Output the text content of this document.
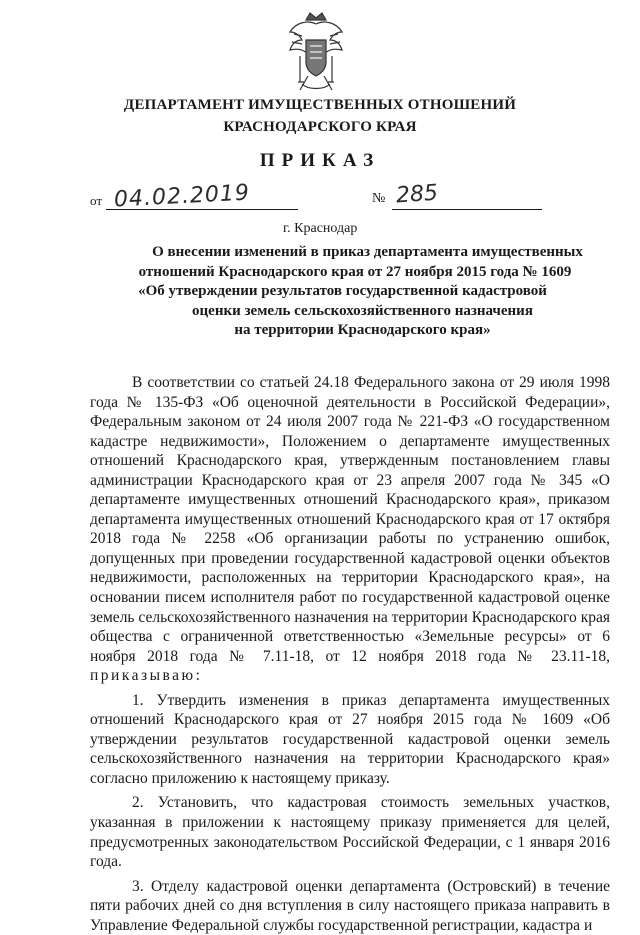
ДЕПАРТАМЕНТ ИМУЩЕСТВЕННЫХ ОТНОШЕНИЙ
КРАСНОДАРСКОГО КРАЯ
ПРИКАЗ
от 04.02.2019	№ 285
г. Краснодар
О внесении изменений в приказ департамента имущественных
отношений Краснодарского края от 27 ноября 2015 года № 1609
«Об утверждении результатов государственной кадастровой
оценки земель сельскохозяйственного назначения
на территории Краснодарского края»

В соответствии со статьей 24.18 Федерального закона от 29 июля 1998 года № 135-ФЗ «Об оценочной деятельности в Российской Федерации», Федеральным законом от 24 июля 2007 года № 221-ФЗ «О государственном кадастре недвижимости», Положением о департаменте имущественных отношений Краснодарского края, утвержденным постановлением главы администрации Краснодарского края от 23 апреля 2007 года № 345 «О департаменте имущественных отношений Краснодарского края», приказом департамента имущественных отношений Краснодарского края от 17 октября 2018 года № 2258 «Об организации работы по устранению ошибок, допущенных при проведении государственной кадастровой оценки объектов недвижимости, расположенных на территории Краснодарского края», на основании писем исполнителя работ по государственной кадастровой оценке земель сельскохозяйственного назначения на территории Краснодарского края общества с ограниченной ответственностью «Земельные ресурсы» от 6 ноября 2018 года № 7.11-18, от 12 ноября 2018 года № 23.11-18, приказываю:

1. Утвердить изменения в приказ департамента имущественных отношений Краснодарского края от 27 ноября 2015 года № 1609 «Об утверждении результатов государственной кадастровой оценки земель сельскохозяйственного назначения на территории Краснодарского края» согласно приложению к настоящему приказу.

2. Установить, что кадастровая стоимость земельных участков, указанная в приложении к настоящему приказу применяется для целей, предусмотренных законодательством Российской Федерации, с 1 января 2016 года.

3. Отделу кадастровой оценки департамента (Островский) в течение пяти рабочих дней со дня вступления в силу настоящего приказа направить в Управление Федеральной службы государственной регистрации, кадастра и
